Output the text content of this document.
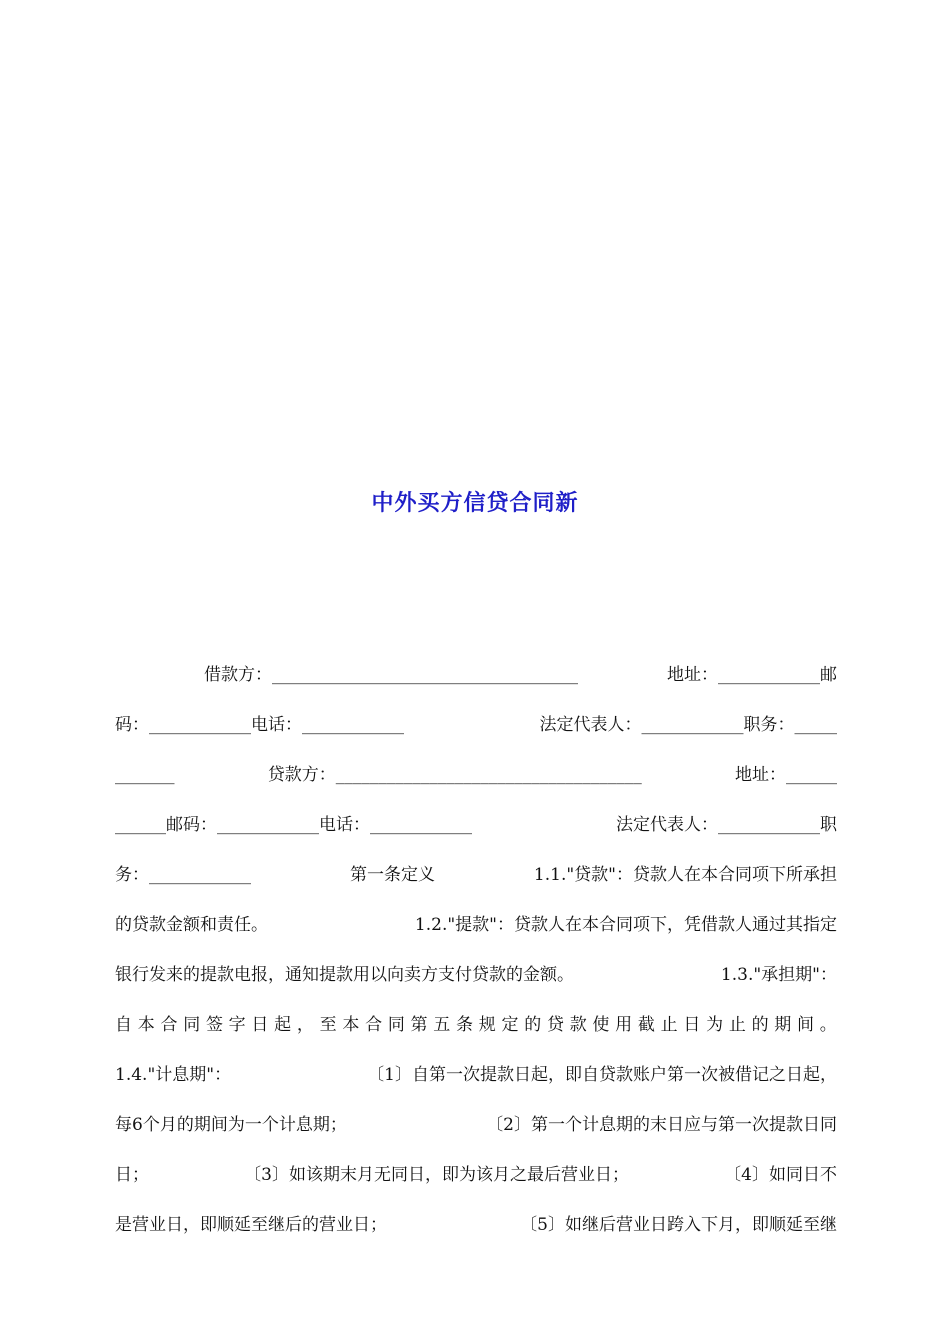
中外买方信贷合同新
借款方：____________________________________	地址：____________邮
码：____________电话：____________	法定代表人：____________职务：_____
_______	贷款方：____________________________________	地址：______
______邮码：____________电话：____________	法定代表人：____________职
务：____________	第一条定义	1.1."贷款"：贷款人在本合同项下所承担
的贷款金额和责任。	1.2."提款"：贷款人在本合同项下，凭借款人通过其指定
银行发来的提款电报，通知提款用以向卖方支付贷款的金额。	1.3."承担期"：
自 本 合 同 签 字 日 起 ， 至 本 合 同 第 五 条 规 定 的 贷 款 使 用 截 止 日 为 止 的 期 间 。
1.4."计息期"：	〔1〕自第一次提款日起，即自贷款账户第一次被借记之日起，
每6个月的期间为一个计息期；	〔2〕第一个计息期的末日应与第一次提款日同
日；	〔3〕如该期末月无同日，即为该月之最后营业日；	〔4〕如同日不
是营业日，即顺延至继后的营业日；	〔5〕如继后营业日跨入下月，即顺延至继
